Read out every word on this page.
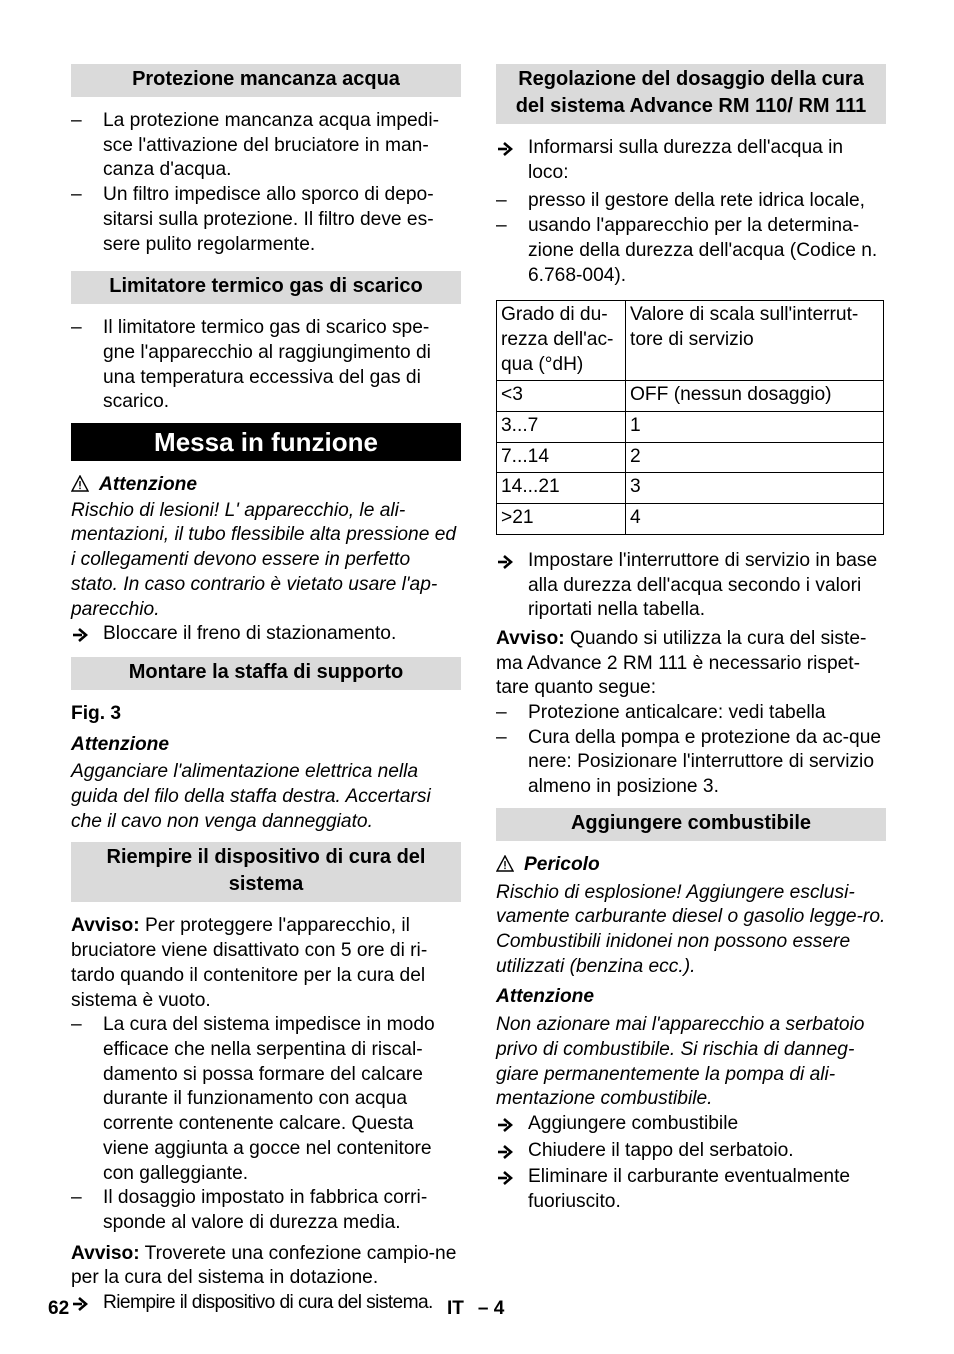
Protezione mancanza acqua
– La protezione mancanza acqua impedi-sce l'attivazione del bruciatore in man-canza d'acqua.
– Un filtro impedisce allo sporco di depo-sitarsi sulla protezione. Il filtro deve es-sere pulito regolarmente.
Limitatore termico gas di scarico
– Il limitatore termico gas di scarico spe-gne l'apparecchio al raggiungimento di una temperatura eccessiva del gas di scarico.
Messa in funzione

Attenzione

Rischio di lesioni! L' apparecchio, le ali-mentazioni, il tubo flessibile alta pressione ed i collegamenti devono essere in perfetto stato. In caso contrario è vietato usare l'ap-parecchio.

Bloccare il freno di stazionamento.
Montare la staffa di supporto

Fig. 3

Attenzione

Agganciare l'alimentazione elettrica nella guida del filo della staffa destra. Accertarsi che il cavo non venga danneggiato.

Riempire il dispositivo di cura del sistema

Avviso: Per proteggere l'apparecchio, il bruciatore viene disattivato con 5 ore di ri-tardo quando il contenitore per la cura del sistema è vuoto.

– La cura del sistema impedisce in modo efficace che nella serpentina di riscal-damento si possa formare del calcare durante il funzionamento con acqua corrente contenente calcare. Questa viene aggiunta a gocce nel contenitore con galleggiante.
– Il dosaggio impostato in fabbrica corri-sponde al valore di durezza media.

Avviso: Troverete una confezione campio-ne per la cura del sistema in dotazione.

Riempire il dispositivo di cura del sistema.
Regolazione del dosaggio della cura del sistema Advance RM 110/ RM 111
Informarsi sulla durezza dell'acqua in loco:
– presso il gestore della rete idrica locale,
– usando l'apparecchio per la determina-zione della durezza dell'acqua (Codice n. 6.768-004).
Grado di du-rezza dell'ac-qua (°dH)	Valore di scala sull'interrut-tore di servizio
<3	OFF (nessun dosaggio)
3...7	1
7...14	2
14...21	3
>21	4
Impostare l'interruttore di servizio in base alla durezza dell'acqua secondo i valori riportati nella tabella.

Avviso: Quando si utilizza la cura del siste-ma Advance 2 RM 111 è necessario rispet-tare quanto segue:

– Protezione anticalcare: vedi tabella
– Cura della pompa e protezione da ac-que nere: Posizionare l'interruttore di servizio almeno in posizione 3.
Aggiungere combustibile

Pericolo

Rischio di esplosione! Aggiungere esclusi-vamente carburante diesel o gasolio legge-ro. Combustibili inidonei non possono essere utilizzati (benzina ecc.).

Attenzione

Non azionare mai l'apparecchio a serbatoio privo di combustibile. Si rischia di danneg-giare permanentemente la pompa di ali-mentazione combustibile.

Aggiungere combustibile
Chiudere il tappo del serbatoio.
Eliminare il carburante eventualmente fuoriuscito.
62	IT – 4
